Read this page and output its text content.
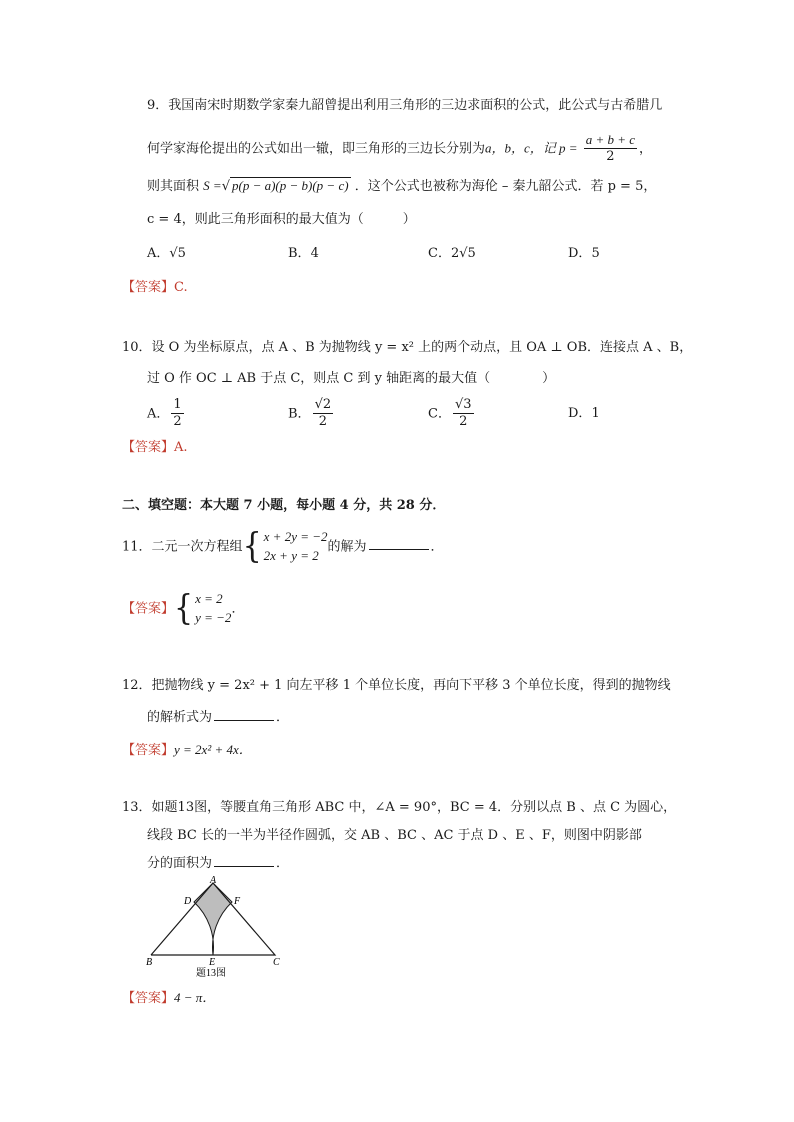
9．我国南宋时期数学家秦九韶曾提出利用三角形的三边求面积的公式，此公式与古希腊几
何学家海伦提出的公式如出一辙，即三角形的三边长分别为a，b，c，记 $p = \frac{a + b + c}{2}$ ，
则其面积 S =√ p(p − a)(p − b)(p − c) ．这个公式也被称为海伦 – 秦九韶公式．若 p = 5，
c = 4，则此三角形面积的最大值为（　　　）
A．√5	B．4	C．2√5	D．5
【答案】C.
10．设 O 为坐标原点，点 A 、B 为抛物线 y = x² 上的两个动点，且 OA ⊥ OB．连接点 A 、B，
过 O 作 OC ⊥ AB 于点 C，则点 C 到 y 轴距离的最大值（　　　　）
A． $\frac{1}{2}$	B． $\frac{√2}{2}$	C． $\frac{√3}{2}$	D．1
【答案】A.
二、填空题：本大题 7 小题，每小题 4 分，共 28 分．
11．二元一次方程组{ x + 2y = −2
2x + y = 2
的解为	．
【答案】{ x = 2
y = −2
．
12．把抛物线 y = 2x² + 1 向左平移 1 个单位长度，再向下平移 3 个单位长度，得到的抛物线
的解析式为	．
【答案】y = 2x² + 4x．
13．如题13图，等腰直角三角形 ABC 中，∠A = 90°，BC = 4．分别以点 B 、点 C 为圆心，
线段 BC 长的一半为半径作圆弧，交 AB 、BC 、AC 于点 D 、E 、F，则图中阴影部
分的面积为	．
A
D	F
B	E	C
题13图
【答案】4 − π．
